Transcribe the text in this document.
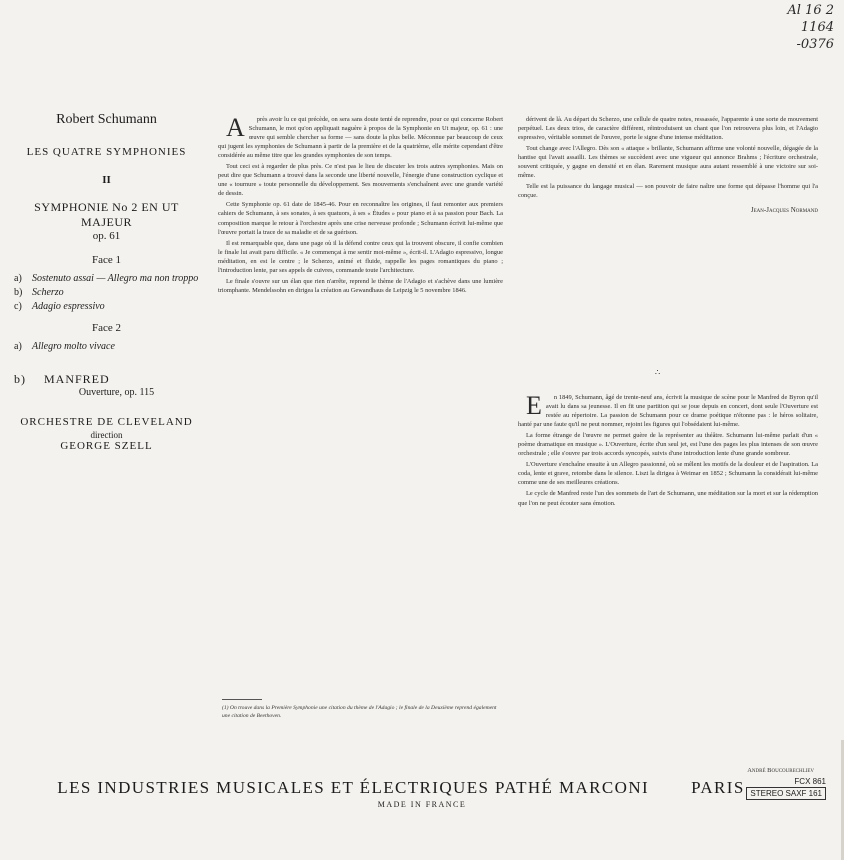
Al 16 2
1164
-0376
Robert Schumann
LES QUATRE SYMPHONIES
II
SYMPHONIE No 2 EN UT MAJEUR
op. 61
Face 1
a)	Sostenuto assai — Allegro ma non troppo
b) Scherzo
c)	Adagio espressivo
Face 2
a)	Allegro molto vivace
b)	MANFRED
Ouverture, op. 115
ORCHESTRE DE CLEVELAND
direction
GEORGE SZELL

A près avoir lu ce qui précède, on sera sans doute tenté de reprendre, pour ce qui concerne Robert Schumann, le mot qu'on appliquait naguère à propos de la Symphonie en Ut majeur, op. 61 : une œuvre qui semble chercher sa forme — sans doute la plus belle. Méconnue par beaucoup de ceux qui jugent les symphonies de Schumann à partir de la première et de la quatrième, elle mérite cependant d'être considérée au même titre que les grandes symphonies de son temps.

Tout ceci est à regarder de plus près. Ce n'est pas le lieu de discuter les trois autres symphonies. Mais on peut dire que Schumann a trouvé dans la seconde une liberté nouvelle, l'énergie d'une construction cyclique et une « tournure » toute personnelle du développement. Ses mouvements s'enchaînent avec une grande variété de dessin.

Cette Symphonie op. 61 date de 1845-46. Pour en reconnaître les origines, il faut remonter aux premiers cahiers de Schumann, à ses sonates, à ses quatuors, à ses « Études » pour piano et à sa passion pour Bach. La composition marque le retour à l'orchestre après une crise nerveuse profonde ; Schumann écrivit lui-même que l'œuvre portait la trace de sa maladie et de sa guérison.

Il est remarquable que, dans une page où il la défend contre ceux qui la trouvent obscure, il confie combien le finale lui avait paru difficile. « Je commençai à me sentir moi-même », écrit-il. L'Adagio espressivo, longue méditation, en est le centre ; le Scherzo, animé et fluide, rappelle les pages romantiques du piano ; l'introduction lente, par ses appels de cuivres, commande toute l'architecture.

Le finale s'ouvre sur un élan que rien n'arrête, reprend le thème de l'Adagio et s'achève dans une lumière triomphante. Mendelssohn en dirigea la création au Gewandhaus de Leipzig le 5 novembre 1846.

(1) On trouve dans la Première Symphonie une citation du thème de l'Adagio ; le finale de la Deuxième reprend également une citation de Beethoven.

dérivent de là. Au départ du Scherzo, une cellule de quatre notes, ressassée, l'apparente à une sorte de mouvement perpétuel. Les deux trios, de caractère différent, réintroduisent un chant que l'on retrouvera plus loin, et l'Adagio espressivo, véritable sommet de l'œuvre, porte le signe d'une intense méditation.

Tout change avec l'Allegro. Dès son « attaque » brillante, Schumann affirme une volonté nouvelle, dégagée de la hantise qui l'avait assailli. Les thèmes se succèdent avec une vigueur qui annonce Brahms ; l'écriture orchestrale, souvent critiquée, y gagne en densité et en élan. Rarement musique aura autant ressemblé à une victoire sur soi-même.

Telle est la puissance du langage musical — son pouvoir de faire naître une forme qui dépasse l'homme qui l'a conçue.

Jean-Jacques Normand
∴

E n 1849, Schumann, âgé de trente-neuf ans, écrivit la musique de scène pour le Manfred de Byron qu'il avait lu dans sa jeunesse. Il en fit une partition qui se joue depuis en concert, dont seule l'Ouverture est restée au répertoire. La passion de Schumann pour ce drame poétique n'étonne pas : le héros solitaire, hanté par une faute qu'il ne peut nommer, rejoint les figures qui l'obsédaient lui-même.

La forme étrange de l'œuvre ne permet guère de la représenter au théâtre. Schumann lui-même parlait d'un « poème dramatique en musique ». L'Ouverture, écrite d'un seul jet, est l'une des pages les plus intenses de son œuvre orchestrale ; elle s'ouvre par trois accords syncopés, suivis d'une introduction lente d'une grande sombreur.

L'Ouverture s'enchaîne ensuite à un Allegro passionné, où se mêlent les motifs de la douleur et de l'aspiration. La coda, lente et grave, retombe dans le silence. Liszt la dirigea à Weimar en 1852 ; Schumann la considérait lui-même comme une de ses meilleures créations.

Le cycle de Manfred reste l'un des sommets de l'art de Schumann, une méditation sur la mort et sur la rédemption que l'on ne peut écouter sans émotion.

André Boucourechliev
LES INDUSTRIES MUSICALES ET ÉLECTRIQUES PATHÉ MARCONI PARIS
MADE IN FRANCE
FCX 861
STEREO SAXF 161
